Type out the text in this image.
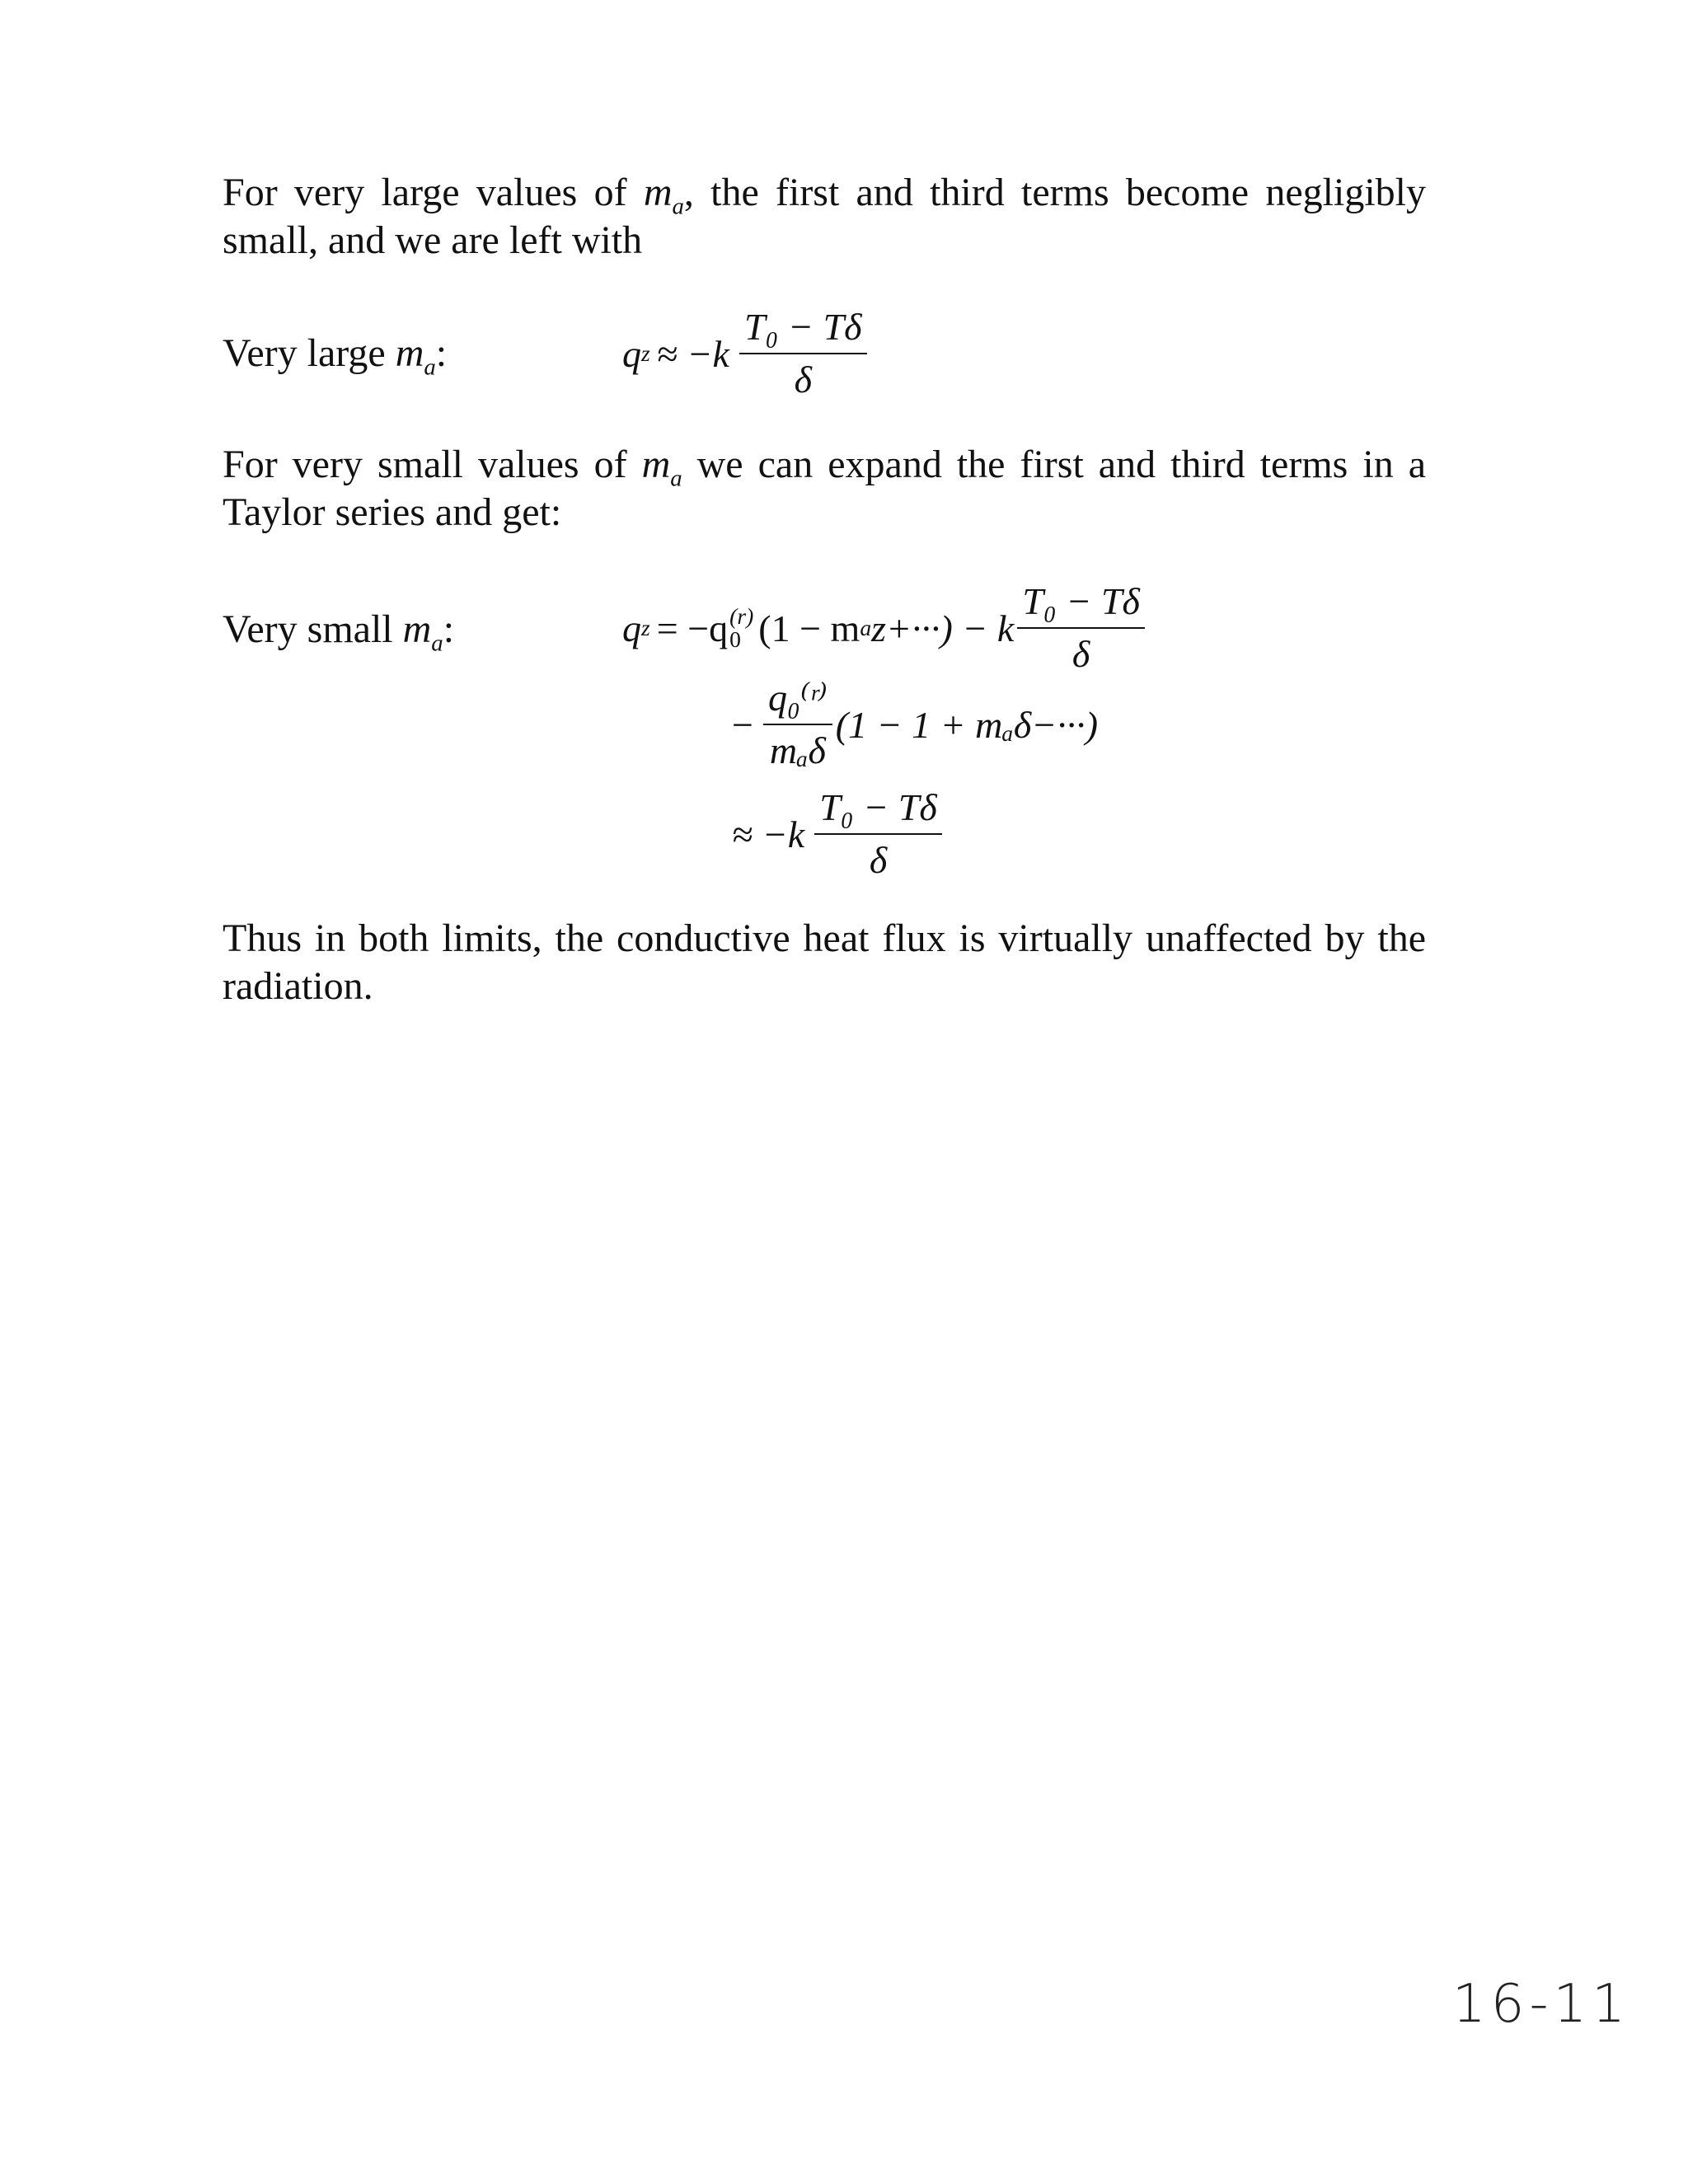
For very large values of $m_a$, the first and third terms become negligibly small, and we are left with

Very large $m_a$:	q $z \approx -k \frac{\text{T₀ − Tδ}}{\delta}$

For very small values of $m_a$ we can expand the first and third terms in a Taylor series and get:

Very small $m_a$:	q z = −q (r)
0 (1 − m a z+···) − k $\frac{\text{T₀ − Tδ}}{\delta}$
− $\frac{\text{q₀⁽ʳ⁾}}{\text{mₐδ}} (1 - 1 + m_a\delta-\cdot\cdot\cdot)$
≈ $-k \frac{\text{T₀ − Tδ}}{\delta}$

Thus in both limits, the conductive heat flux is virtually unaffected by the radiation.

16-11
